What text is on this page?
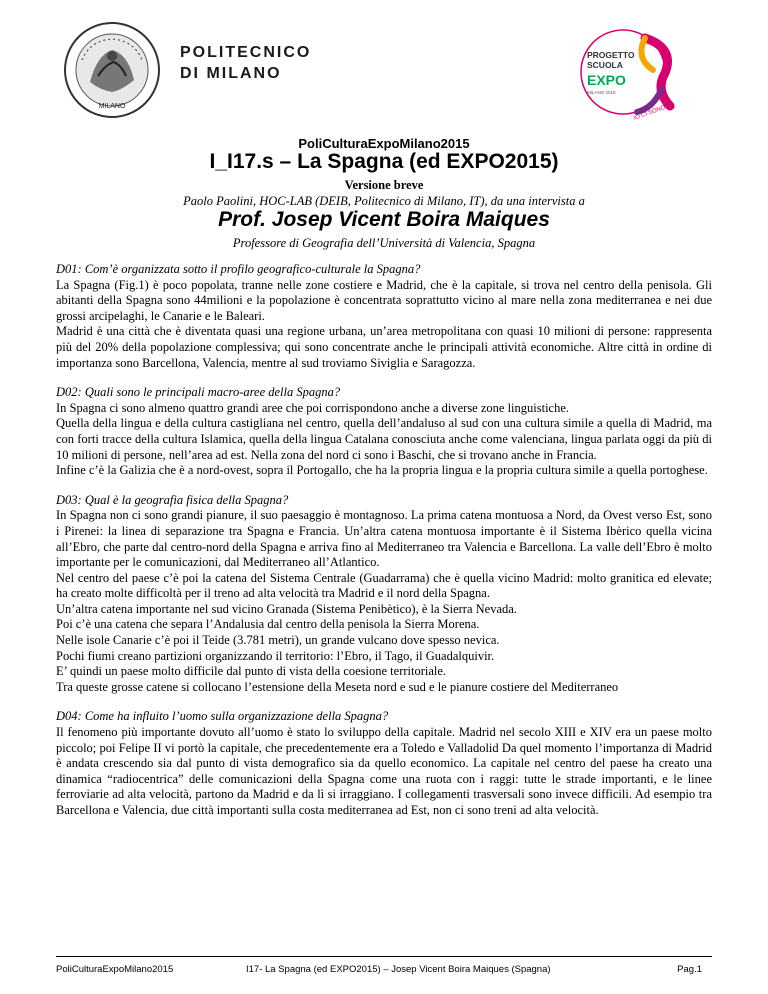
MILANO
POLITECNICO
DI MILANO
PROGETTO
SCUOLA
EXPO
MILANO 2015
IO CI SONO
PoliCulturaExpoMilano2015
I_I17.s – La Spagna (ed EXPO2015)
Versione breve
Paolo Paolini, HOC-LAB (DEIB, Politecnico di Milano, IT), da una intervista a
Prof. Josep Vicent Boira Maiques
Professore di Geografia dell’Università di Valencia, Spagna

D01: Com’è organizzata sotto il profilo geografico-culturale la Spagna?

La Spagna (Fig.1) è poco popolata, tranne nelle zone costiere e Madrid, che è la capitale, si trova nel centro della penisola. Gli abitanti della Spagna sono 44milioni e la popolazione è concentrata soprattutto vicino al mare nella zona mediterranea e nei due grossi arcipelaghi, le Canarie e le Baleari.

Madrid è una città che è diventata quasi una regione urbana, un’area metropolitana con quasi 10 milioni di persone: rappresenta più del 20% della popolazione complessiva; qui sono concentrate anche le principali attività economiche. Altre città in ordine di importanza sono Barcellona, Valencia, mentre al sud troviamo Siviglia e Saragozza.

D02: Quali sono le principali macro-aree della Spagna?

In Spagna ci sono almeno quattro grandi aree che poi corrispondono anche a diverse zone linguistiche.

Quella della lingua e della cultura castigliana nel centro, quella dell’andaluso al sud con una cultura simile a quella di Madrid, ma con forti tracce della cultura Islamica, quella della lingua Catalana conosciuta anche come valenciana, lingua parlata oggi da più di 10 milioni di persone, nell’area ad est. Nella zona del nord ci sono i Baschi, che si trovano anche in Francia.

Infine c’è la Galizia che è a nord-ovest, sopra il Portogallo, che ha la propria lingua e la propria cultura simile a quella portoghese.

D03: Qual è la geografia fisica della Spagna?

In Spagna non ci sono grandi pianure, il suo paesaggio è montagnoso. La prima catena montuosa a Nord, da Ovest verso Est, sono i Pirenei: la linea di separazione tra Spagna e Francia. Un’altra catena montuosa importante è il Sistema Ibèrico quella vicina all’Ebro, che parte dal centro-nord della Spagna e arriva fino al Mediterraneo tra Valencia e Barcellona. La valle dell’Ebro è molto importante per le comunicazioni, dal Mediterraneo all’Atlantico.

Nel centro del paese c’è poi la catena del Sistema Centrale (Guadarrama) che è quella vicino Madrid: molto granitica ed elevate; ha creato molte difficoltà per il treno ad alta velocità tra Madrid e il nord della Spagna.

Un’altra catena importante nel sud vicino Granada (Sistema Penibètico), è la Sierra Nevada.

Poi c’è una catena che separa l’Andalusia dal centro della penisola la Sierra Morena.

Nelle isole Canarie c’è poi il Teide (3.781 metri), un grande vulcano dove spesso nevica.

Pochi fiumi creano partizioni organizzando il territorio: l’Ebro, il Tago, il Guadalquivir.

E’ quindi un paese molto difficile dal punto di vista della coesione territoriale.

Tra queste grosse catene si collocano l’estensione della Meseta nord e sud e le pianure costiere del Mediterraneo

D04: Come ha influito l’uomo sulla organizzazione della Spagna?

Il fenomeno più importante dovuto all’uomo è stato lo sviluppo della capitale. Madrid nel secolo XIII e XIV era un paese molto piccolo; poi Felipe II vi portò la capitale, che precedentemente era a Toledo e Valladolid Da quel momento l’importanza di Madrid è andata crescendo sia dal punto di vista demografico sia da quello economico. La capitale nel centro del paese ha creato una dinamica “radiocentrica” delle comunicazioni della Spagna come una ruota con i raggi: tutte le strade importanti, e le linee ferroviarie ad alta velocità, partono da Madrid e da lì si irraggiano. I collegamenti trasversali sono invece difficili. Ad esempio tra Barcellona e Valencia, due città importanti sulla costa mediterranea ad Est, non ci sono treni ad alta velocità.

PoliCulturaExpoMilano2015	I17- La Spagna (ed EXPO2015) – Josep Vicent Boira Maiques (Spagna)	Pag.1
